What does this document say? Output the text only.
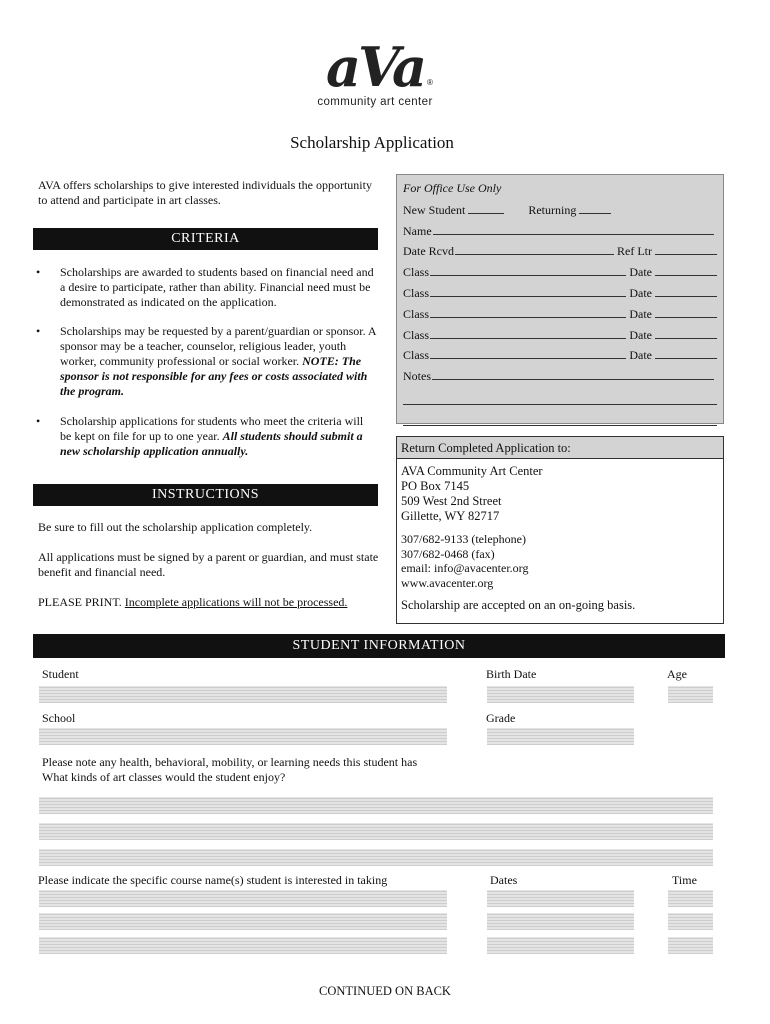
aVa ®
community art center
Scholarship Application
AVA offers scholarships to give interested individuals the opportunity to attend and participate in art classes.
CRITERIA
• Scholarships are awarded to students based on financial need and a desire to participate, rather than ability. Financial need must be demonstrated as indicated on the application.
• Scholarships may be requested by a parent/guardian or sponsor. A sponsor may be a teacher, counselor, religious leader, youth worker, community professional or social worker. NOTE: The sponsor is not responsible for any fees or costs associated with the program.
• Scholarship applications for students who meet the criteria will be kept on file for up to one year. All students should submit a new scholarship application annually.
INSTRUCTIONS
Be sure to fill out the scholarship application completely.
All applications must be signed by a parent or guardian, and must state benefit and financial need.
PLEASE PRINT. Incomplete applications will not be processed.
For Office Use Only
New Student	Returning
Name
Date Rcvd	Ref Ltr
Class	Date
Class	Date
Class	Date
Class	Date
Class	Date
Notes
Return Completed Application to:
AVA Community Art Center
PO Box 7145
509 West 2nd Street
Gillette, WY 82717
307/682-9133 (telephone)
307/682-0468 (fax)
email: info@avacenter.org
www.avacenter.org
Scholarship are accepted on an on-going basis.
STUDENT INFORMATION
Student	Birth Date	Age
School	Grade
Please note any health, behavioral, mobility, or learning needs this student has
What kinds of art classes would the student enjoy?
Please indicate the specific course name(s) student is interested in taking	Dates	Time
CONTINUED ON BACK
